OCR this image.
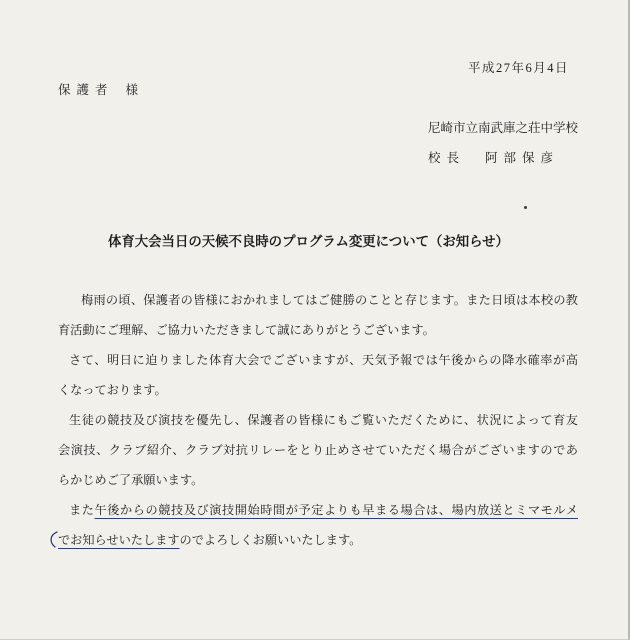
平成27年6月4日
保護者 様
尼崎市立南武庫之荘中学校
校長 阿部保彦
体育大会当日の天候不良時のプログラム変更について（お知らせ）

梅雨の頃、保護者の皆様におかれましてはご健勝のことと存じます。また日頃は本校の教
育活動にご理解、ご協力いただきまして誠にありがとうございます。

さて、明日に迫りました体育大会でございますが、天気予報では午後からの降水確率が高
くなっております。

生徒の競技及び演技を優先し、保護者の皆様にもご覧いただくために、状況によって育友
会演技、クラブ紹介、クラブ対抗リレーをとり止めさせていただく場合がございますのであ
らかじめご了承願います。

また午後からの競技及び演技開始時間が予定よりも早まる場合は、場内放送とミマモルメ
でお知らせいたしますのでよろしくお願いいたします。
